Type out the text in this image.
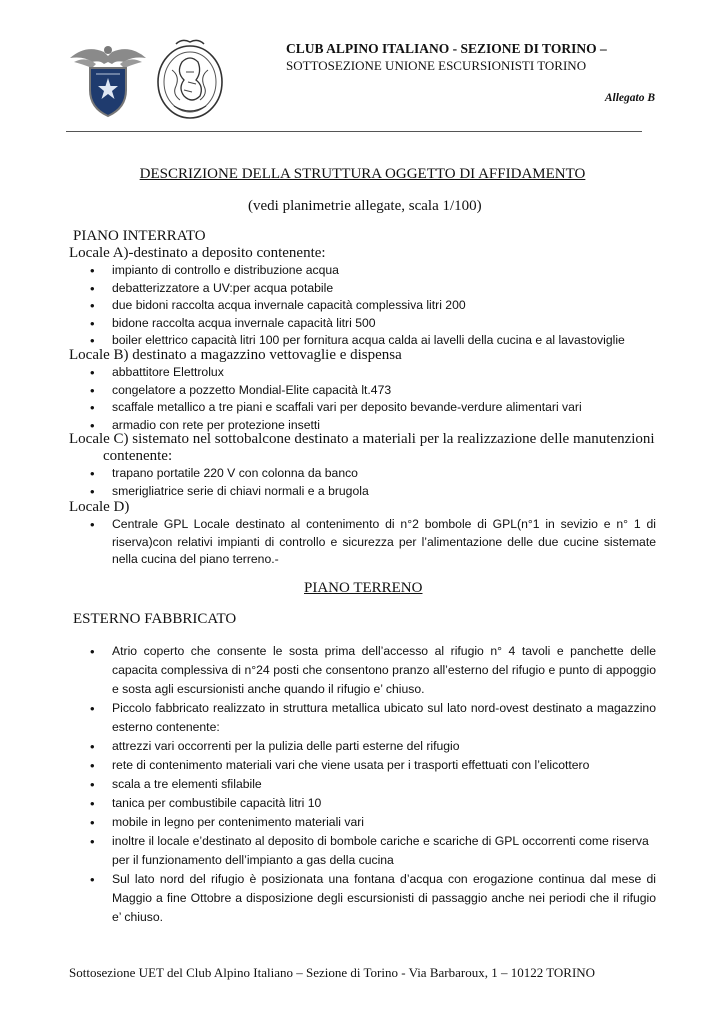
CLUB ALPINO ITALIANO - SEZIONE DI TORINO –
SOTTOSEZIONE UNIONE ESCURSIONISTI TORINO
Allegato B
DESCRIZIONE DELLA STRUTTURA OGGETTO DI AFFIDAMENTO
(vedi planimetrie allegate, scala 1/100)
PIANO INTERRATO
Locale A)-destinato a deposito contenente:
• impianto di controllo e distribuzione acqua
• debatterizzatore a UV:per acqua potabile
• due bidoni raccolta acqua invernale capacità complessiva litri 200
• bidone raccolta acqua invernale capacità litri 500
• boiler elettrico capacità litri 100 per fornitura acqua calda ai lavelli della cucina e al lavastoviglie
Locale B) destinato a magazzino vettovaglie e dispensa
• abbattitore Elettrolux
• congelatore a pozzetto Mondial-Elite capacità lt.473
• scaffale metallico a tre piani e scaffali vari per deposito bevande-verdure alimentari vari
• armadio con rete per protezione insetti
Locale C) sistemato nel sottobalcone destinato a materiali per la realizzazione delle manutenzioni
contenente:
• trapano portatile 220 V con colonna da banco
• smerigliatrice serie di chiavi normali e a brugola
Locale D)
• Centrale GPL Locale destinato al contenimento di n°2 bombole di GPL(n°1 in sevizio e n° 1 di riserva)con relativi impianti di controllo e sicurezza per l’alimentazione delle due cucine sistemate nella cucina del piano terreno.-
PIANO TERRENO
ESTERNO FABBRICATO
• Atrio coperto che consente le sosta prima dell’accesso al rifugio n° 4 tavoli e panchette delle capacita complessiva di n°24 posti che consentono pranzo all’esterno del rifugio e punto di appoggio e sosta agli escursionisti anche quando il rifugio e’ chiuso.
• Piccolo fabbricato realizzato in struttura metallica ubicato sul lato nord-ovest destinato a magazzino esterno contenente:
• attrezzi vari occorrenti per la pulizia delle parti esterne del rifugio
• rete di contenimento materiali vari che viene usata per i trasporti effettuati con l’elicottero
• scala a tre elementi sfilabile
• tanica per combustibile capacità litri 10
• mobile in legno per contenimento materiali vari
• inoltre il locale e’destinato al deposito di bombole cariche e scariche di GPL occorrenti come riserva per il funzionamento dell’impianto a gas della cucina
• Sul lato nord del rifugio è posizionata una fontana d’acqua con erogazione continua dal mese di Maggio a fine Ottobre a disposizione degli escursionisti di passaggio anche nei periodi che il rifugio e’ chiuso.
Sottosezione UET del Club Alpino Italiano – Sezione di Torino - Via Barbaroux, 1 – 10122 TORINO
